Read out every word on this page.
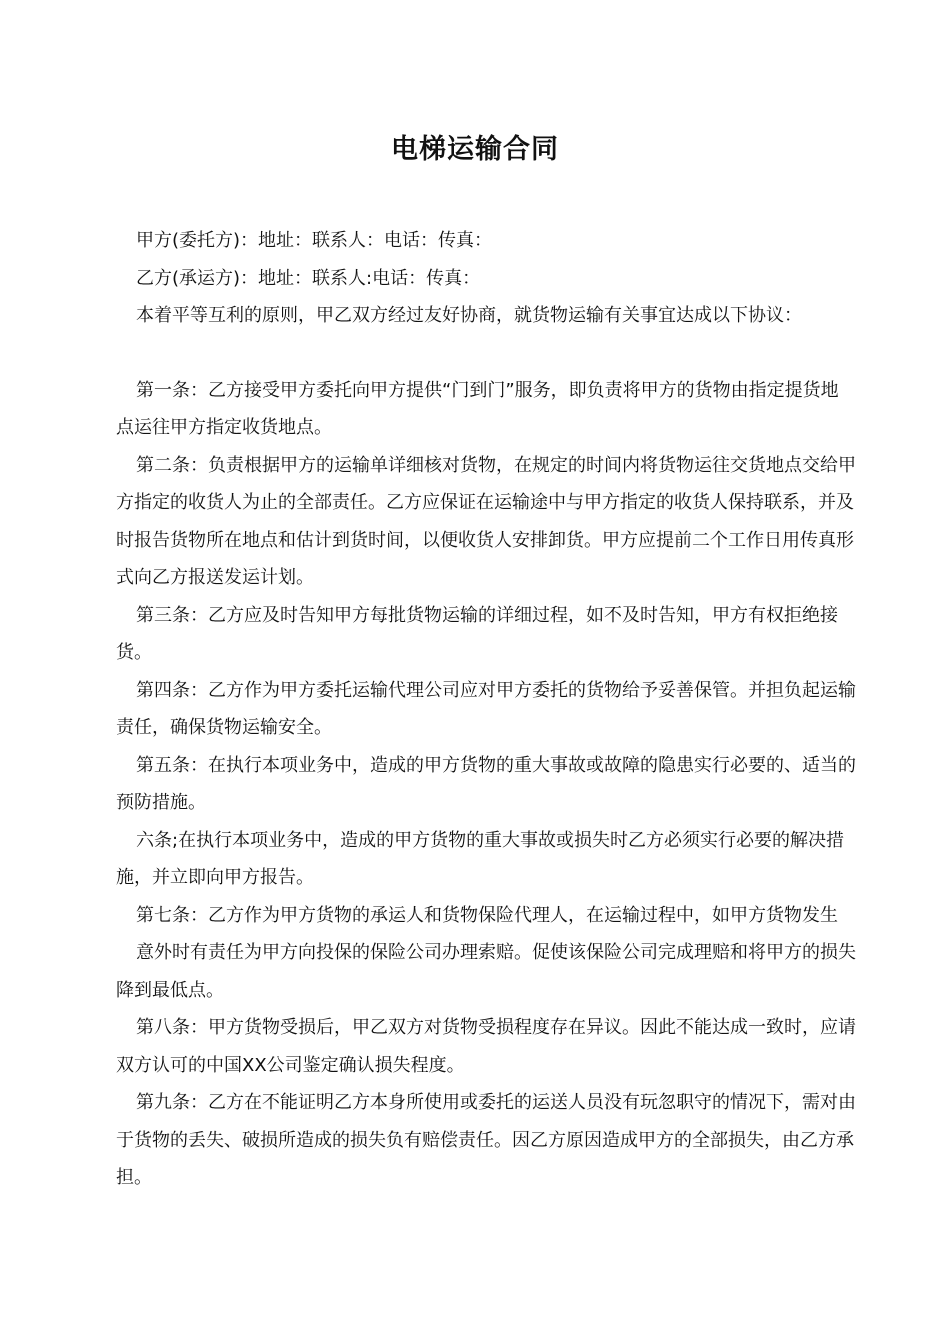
电梯运输合同

甲方(委托方)：地址：联系人：电话：传真：

乙方(承运方)：地址：联系人:电话：传真：

本着平等互利的原则，甲乙双方经过友好协商，就货物运输有关事宜达成以下协议：

第一条：乙方接受甲方委托向甲方提供“门到门”服务，即负责将甲方的货物由指定提货地点运往甲方指定收货地点。

第二条：负责根据甲方的运输单详细核对货物，在规定的时间内将货物运往交货地点交给甲方指定的收货人为止的全部责任。乙方应保证在运输途中与甲方指定的收货人保持联系，并及时报告货物所在地点和估计到货时间，以便收货人安排卸货。甲方应提前二个工作日用传真形式向乙方报送发运计划。

第三条：乙方应及时告知甲方每批货物运输的详细过程，如不及时告知，甲方有权拒绝接货。

第四条：乙方作为甲方委托运输代理公司应对甲方委托的货物给予妥善保管。并担负起运输责任，确保货物运输安全。

第五条：在执行本项业务中，造成的甲方货物的重大事故或故障的隐患实行必要的、适当的预防措施。

六条;在执行本项业务中，造成的甲方货物的重大事故或损失时乙方必须实行必要的解决措施，并立即向甲方报告。

第七条：乙方作为甲方货物的承运人和货物保险代理人，在运输过程中，如甲方货物发生

意外时有责任为甲方向投保的保险公司办理索赔。促使该保险公司完成理赔和将甲方的损失降到最低点。

第八条：甲方货物受损后，甲乙双方对货物受损程度存在异议。因此不能达成一致时，应请双方认可的中国XX公司鉴定确认损失程度。

第九条：乙方在不能证明乙方本身所使用或委托的运送人员没有玩忽职守的情况下，需对由于货物的丢失、破损所造成的损失负有赔偿责任。因乙方原因造成甲方的全部损失，由乙方承担。
